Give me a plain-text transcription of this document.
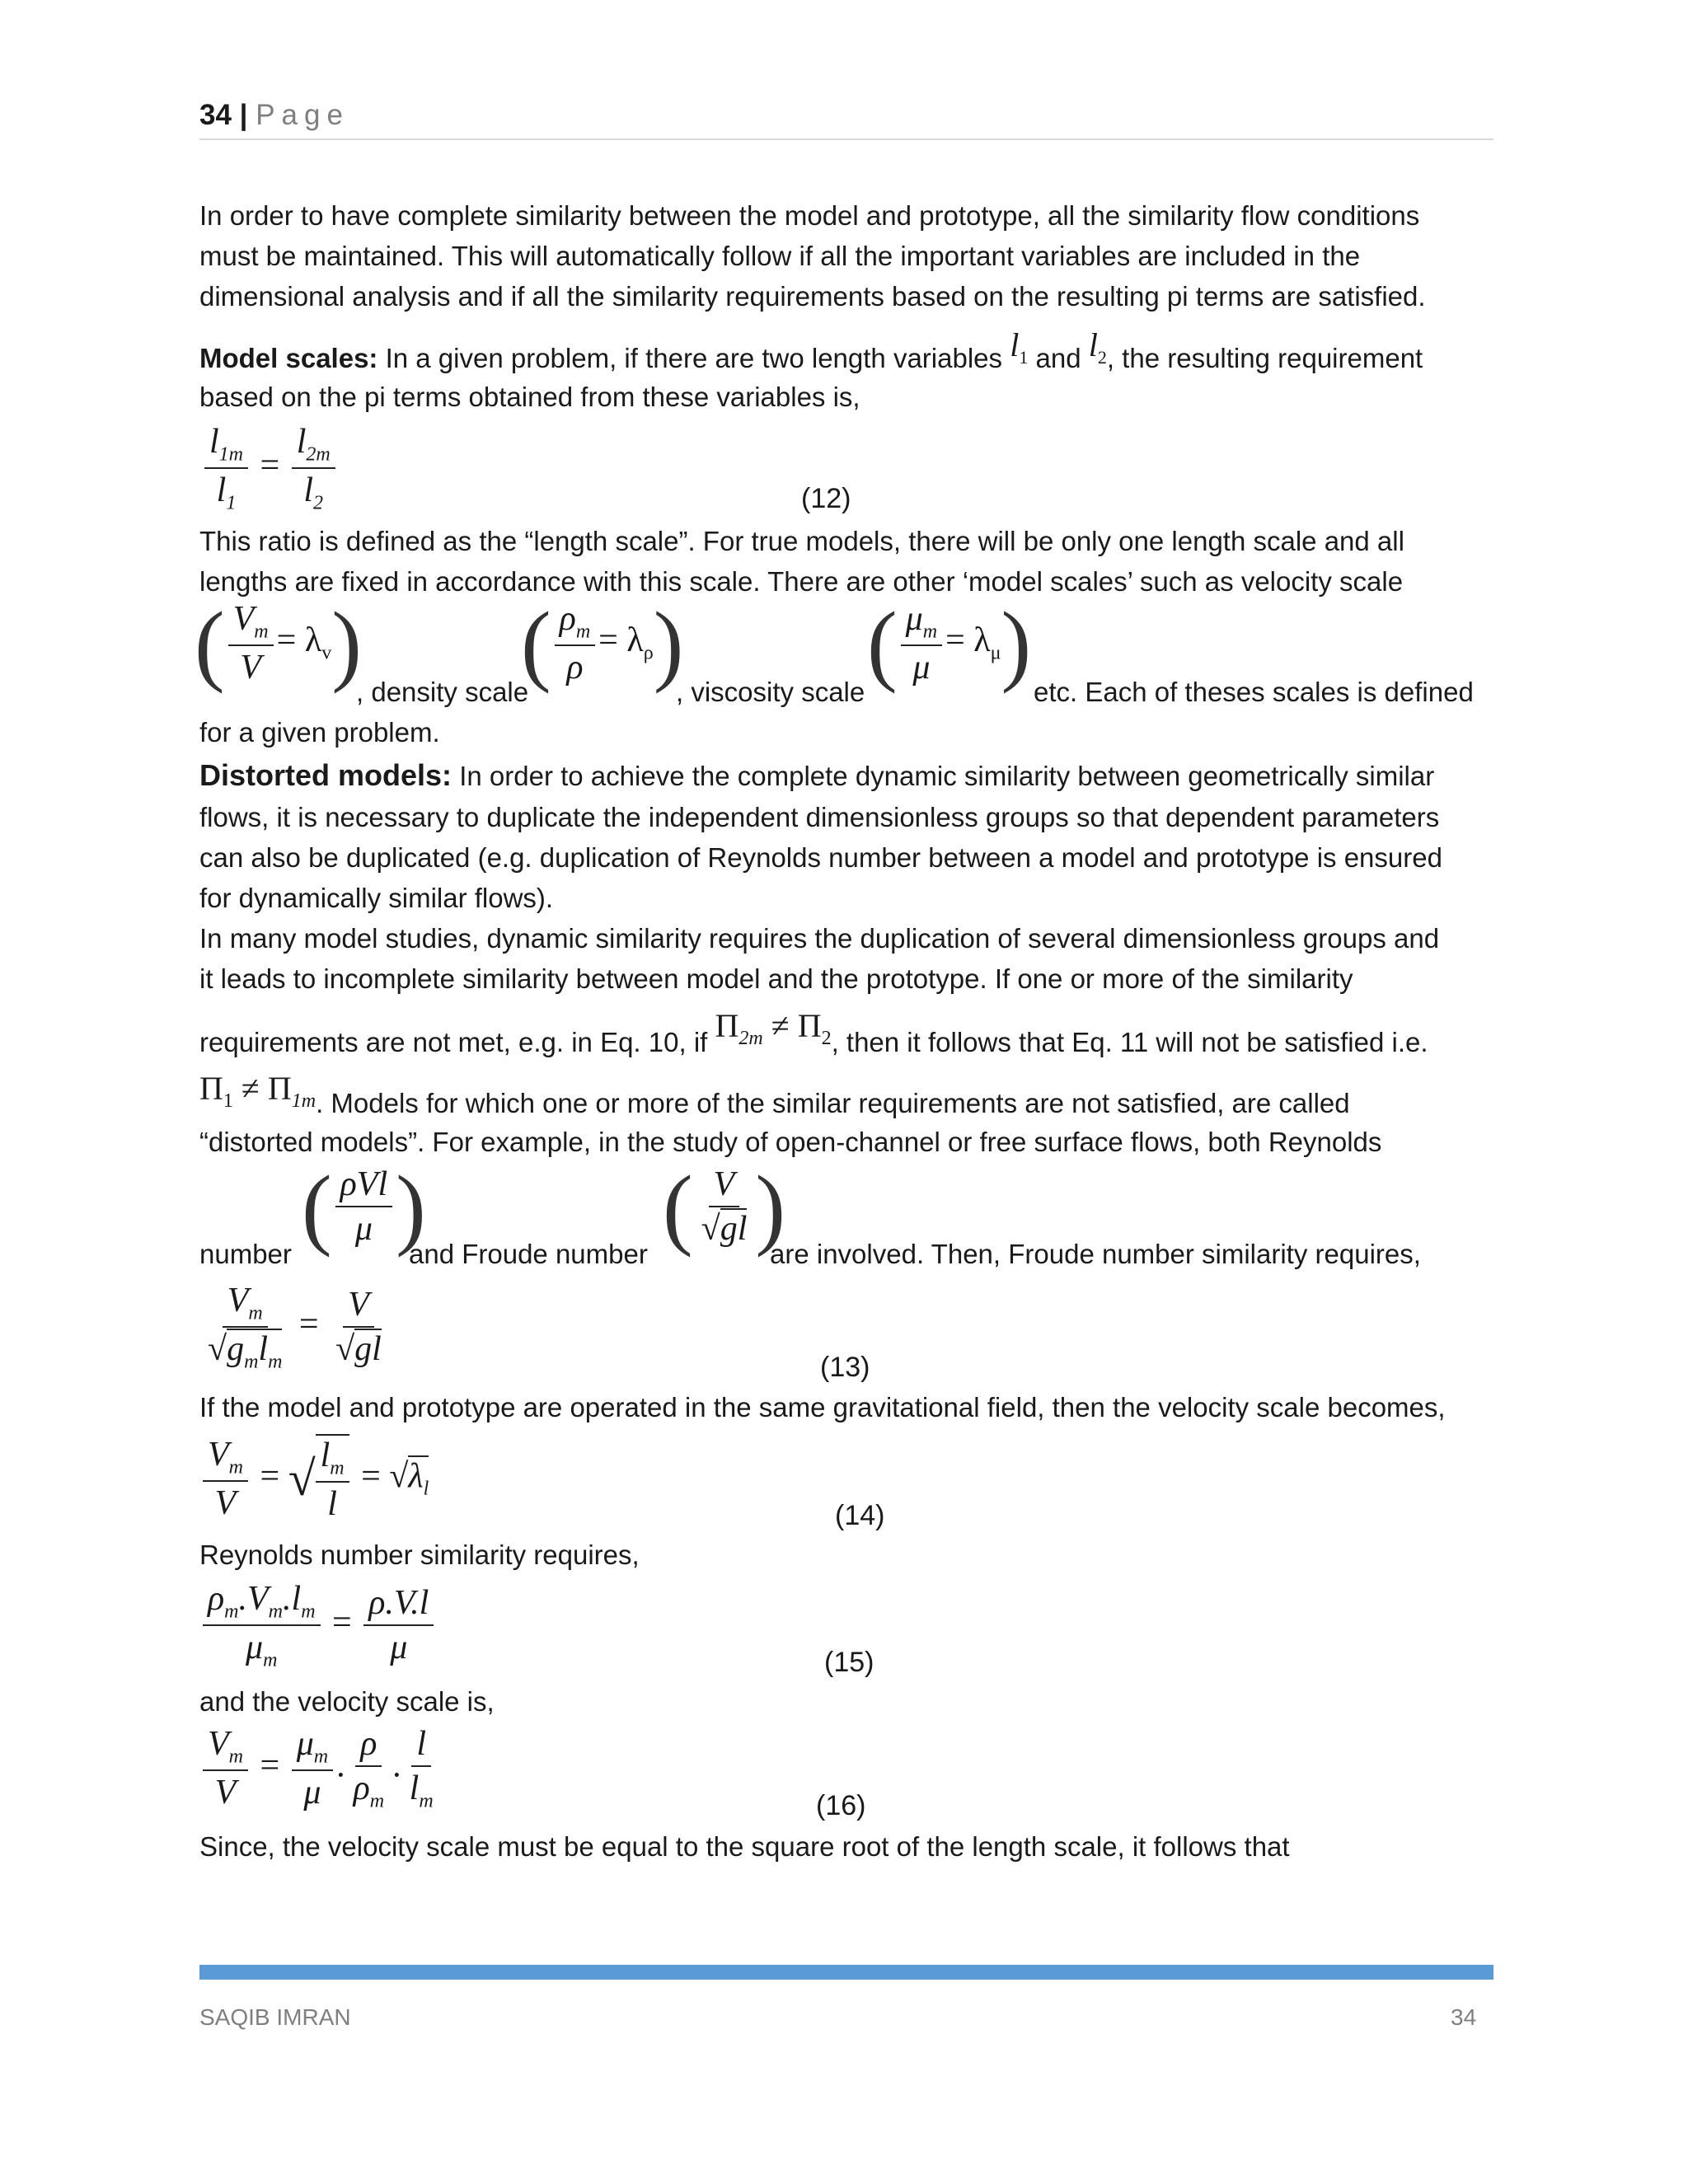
34 | Page
In order to have complete similarity between the model and prototype, all the similarity flow conditions
must be maintained. This will automatically follow if all the important variables are included in the
dimensional analysis and if all the similarity requirements based on the resulting pi terms are satisfied.
Model scales: In a given problem, if there are two length variables $l_1$ and $l_2$, the resulting requirement
based on the pi terms obtained from these variables is,
$\frac{l_{1m}}{l_1} = \frac{l_{2m}}{l_2}$	(12)
This ratio is defined as the “length scale”. For true models, there will be only one length scale and all
lengths are fixed in accordance with this scale. There are other ‘model scales’ such as velocity scale
( $\frac{V_m}{V} = \lambda_v$)
, density scale
( $\frac{\rho_m}{\rho} = \lambda_\rho$)
, viscosity scale ( $\frac{\mu_m}{\mu} = \lambda_\mu$) etc. Each of theses scales is defined
for a given problem.
Distorted models: In order to achieve the complete dynamic similarity between geometrically similar
flows, it is necessary to duplicate the independent dimensionless groups so that dependent parameters
can also be duplicated (e.g. duplication of Reynolds number between a model and prototype is ensured
for dynamically similar flows).
In many model studies, dynamic similarity requires the duplication of several dimensionless groups and
it leads to incomplete similarity between model and the prototype. If one or more of the similarity
requirements are not met, e.g. in Eq. 10, if $\Pi_{2m} \ne \Pi_2$, then it follows that Eq. 11 will not be satisfied i.e.
$\Pi_1 \ne \Pi_{1m}$. Models for which one or more of the similar requirements are not satisfied, are called
“distorted models”. For example, in the study of open-channel or free surface flows, both Reynolds
number ( $\frac{\text{ρVl}}{\mu}$ )
and Froude number ( $\frac{V}{√gl}$ )
are involved. Then, Froude number similarity requires,
$\frac{V_m}{√g_ml_m} = \frac{V}{√gl}$	(13)
If the model and prototype are operated in the same gravitational field, then the velocity scale becomes,
$\frac{V_m}{V}$ = √ $\frac{l_m}{l} = √\lambda_l$
(14)
Reynolds number similarity requires,
$\frac{\rho_m.V_m.l_m}{\mu_m} = \frac{\rho.V.l}{\mu}$	(15)
and the velocity scale is,
$\frac{V_m}{V} = \frac{\mu_m}{\mu}$ . $\frac{\rho}{\rho_m}$ . $\frac{l}{l_m}$	(16)
Since, the velocity scale must be equal to the square root of the length scale, it follows that
SAQIB IMRAN	34
